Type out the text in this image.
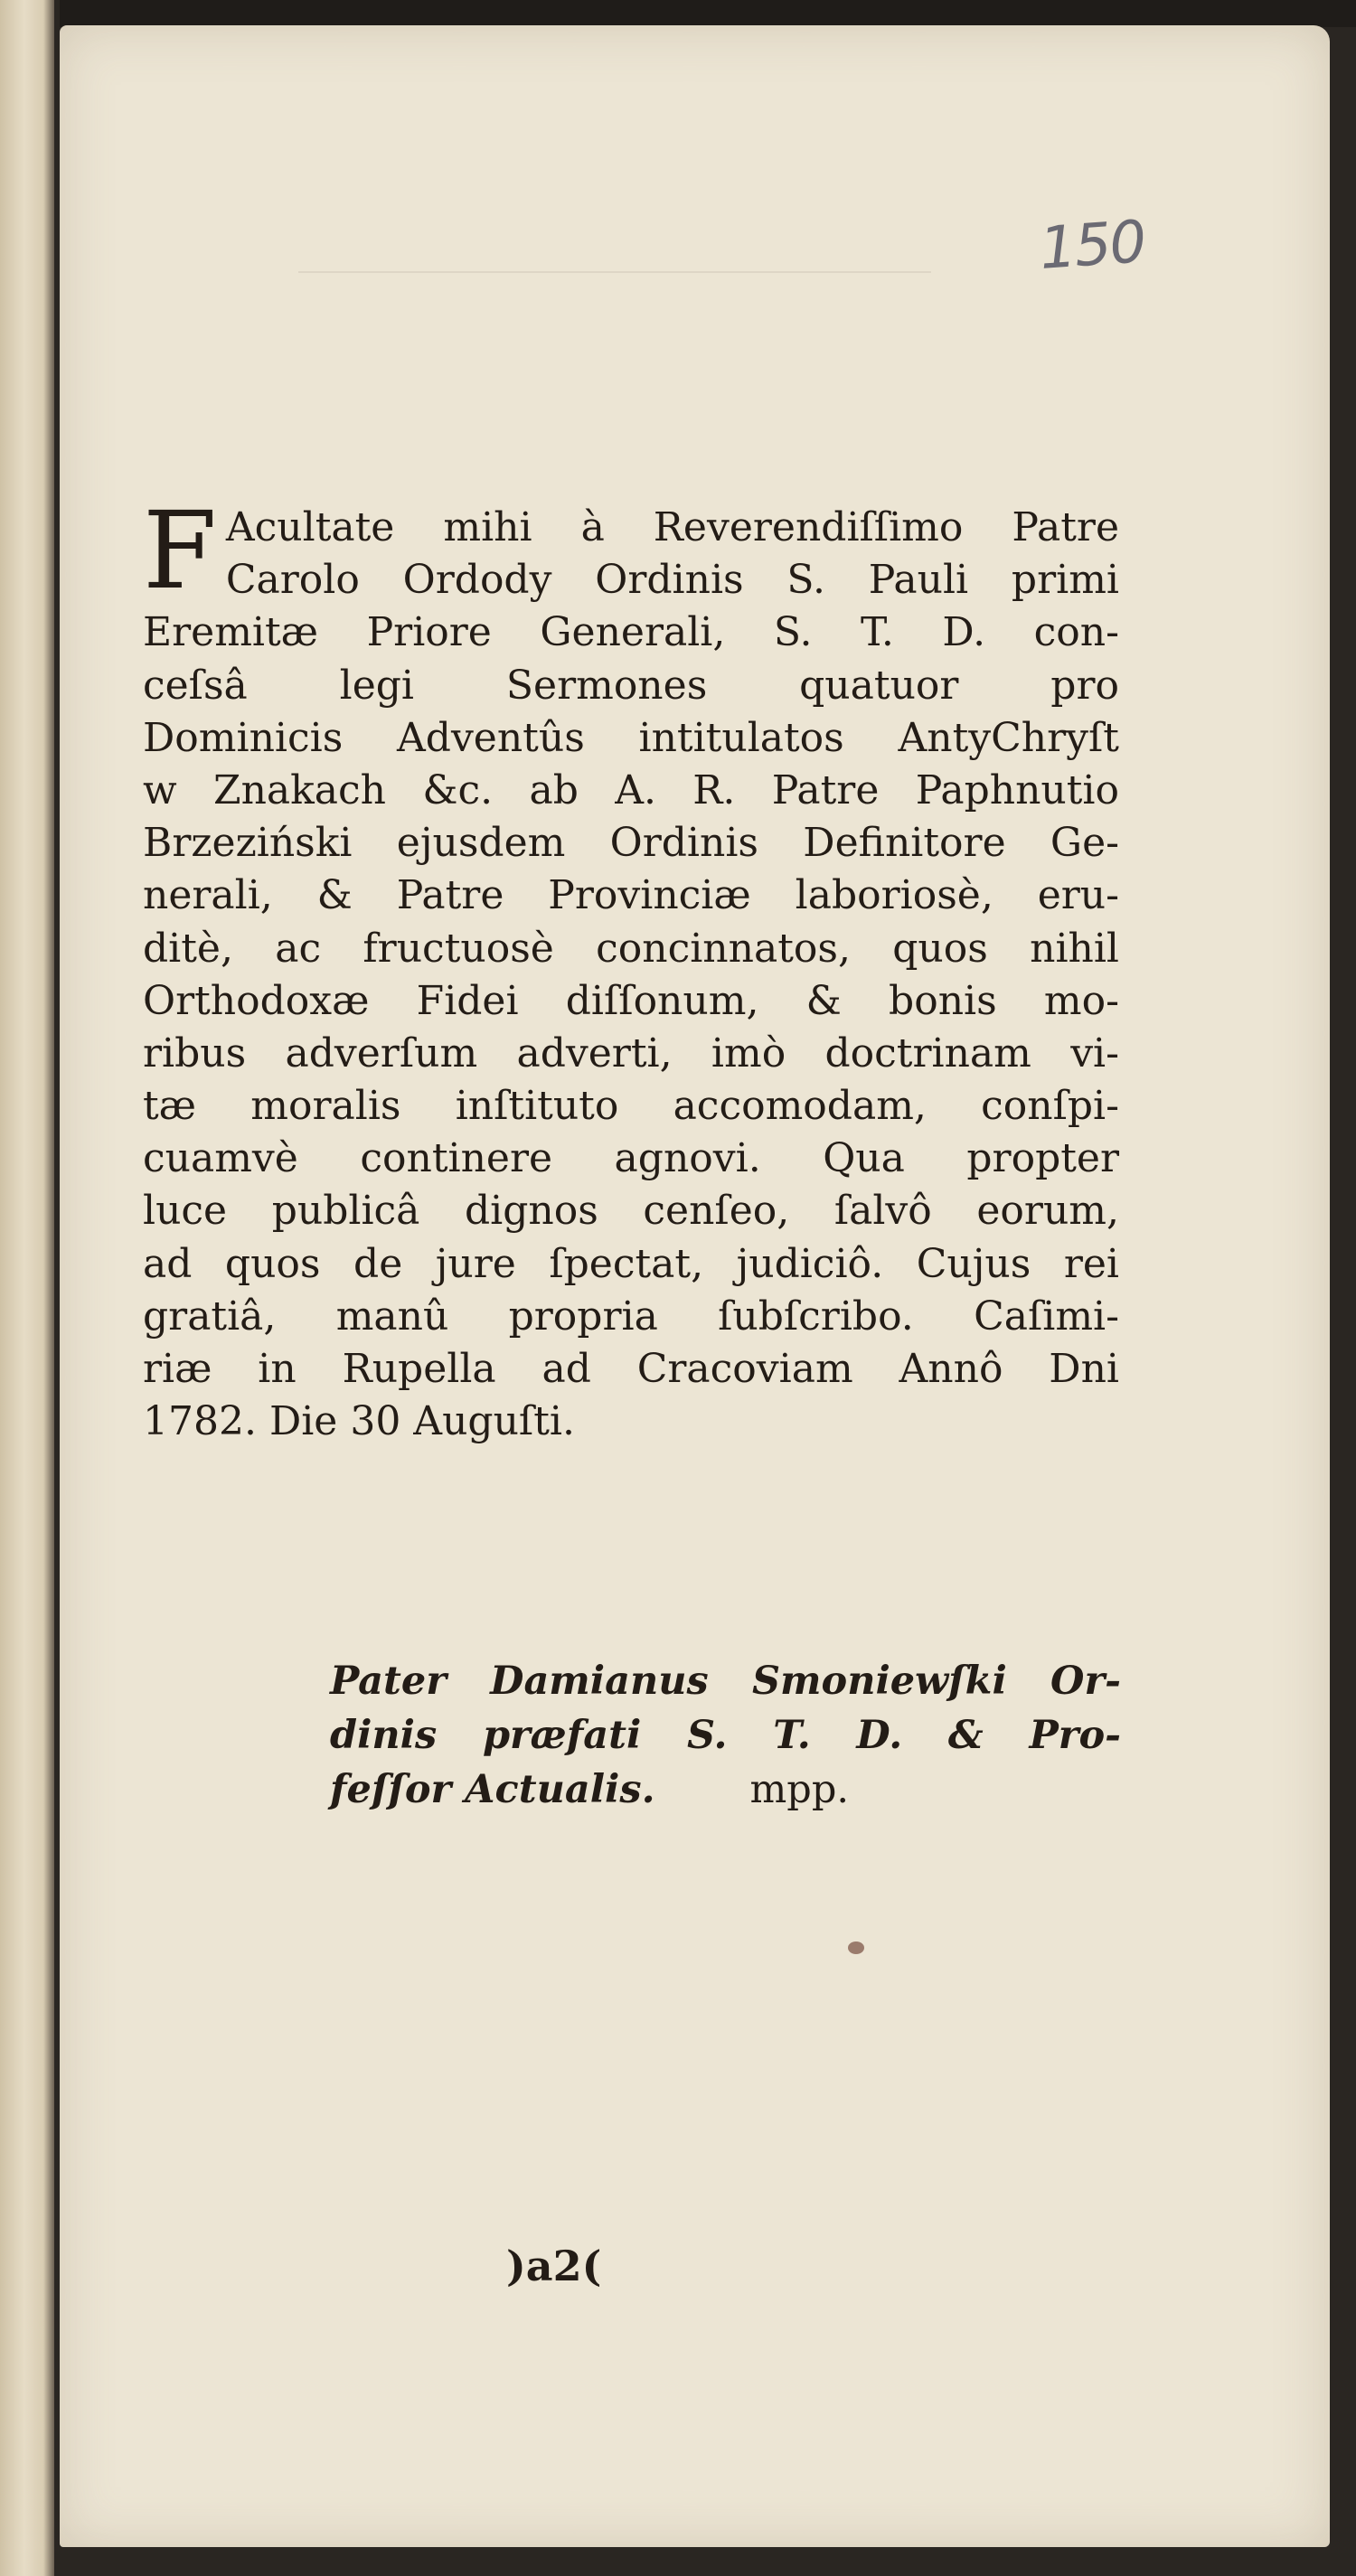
150
F Acultate mihi à Reverendiſſimo Patre
Carolo Ordody Ordinis S. Pauli primi
Eremitæ Priore Generali, S. T. D. con-
ceſsâ legi Sermones quatuor pro
Dominicis Adventûs intitulatos AntyChryſt
w Znakach &c. ab A. R. Patre Paphnutio
Brzeziński ejusdem Ordinis Definitore Ge-
nerali, & Patre Provinciæ laboriosè, eru-
ditè, ac fructuosè concinnatos, quos nihil
Orthodoxæ Fidei diſſonum, & bonis mo-
ribus adverſum adverti, imò doctrinam vi-
tæ moralis inſtituto accomodam, conſpi-
cuamvè continere agnovi. Qua propter
luce publicâ dignos cenſeo, ſalvô eorum,
ad quos de jure ſpectat, judiciô. Cujus rei
gratiâ, manû propria ſubſcribo. Caſimi-
riæ in Rupella ad Cracoviam Annô Dni
1782. Die 30 Auguſti.
Pater Damianus Smoniewſki Or-
dinis præfati S. T. D. & Pro-
feſſor Actualis. mpp.
)a2(
